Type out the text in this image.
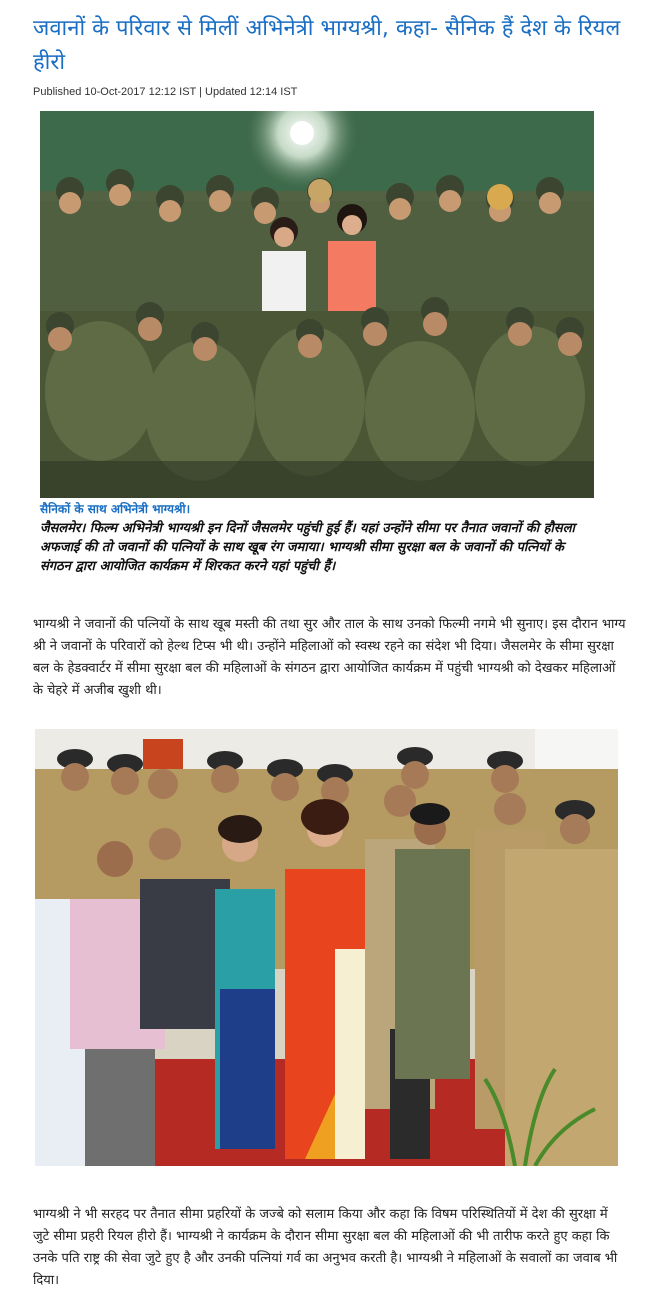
जवानों के परिवार से मिलीं अभिनेत्री भाग्यश्री, कहा- सैनिक हैं देश के रियल हीरो
Published 10-Oct-2017 12:12 IST | Updated 12:14 IST
सैनिकों के साथ अभिनेत्री भाग्यश्री।

जैसलमेर। फिल्म अभिनेत्री भाग्यश्री इन दिनों जैसलमेर पहुंची हुई हैं। यहां उन्होंने सीमा पर तैनात जवानों की हौसला अफजाई की तो जवानों की पत्नियों के साथ खूब रंग जमाया। भाग्यश्री सीमा सुरक्षा बल के जवानों की पत्नियों के संगठन द्वारा आयोजित कार्यक्रम में शिरकत करने यहां पहुंची हैं।

भाग्यश्री ने जवानों की पत्नियों के साथ खूब मस्ती की तथा सुर और ताल के साथ उनको फिल्मी नगमे भी सुनाए। इस दौरान भाग्य श्री ने जवानों के परिवारों को हेल्थ टिप्स भी थी। उन्होंने महिलाओं को स्वस्थ रहने का संदेश भी दिया। जैसलमेर के सीमा सुरक्षा बल के हेडक्वार्टर में सीमा सुरक्षा बल की महिलाओं के संगठन द्वारा आयोजित कार्यक्रम में पहुंची भाग्यश्री को देखकर महिलाओं के चेहरे में अजीब खुशी थी।

भाग्यश्री ने भी सरहद पर तैनात सीमा प्रहरियों के जज्बे को सलाम किया और कहा कि विषम परिस्थितियों में देश की सुरक्षा में जुटे सीमा प्रहरी रियल हीरो हैं। भाग्यश्री ने कार्यक्रम के दौरान सीमा सुरक्षा बल की महिलाओं की भी तारीफ करते हुए कहा कि उनके पति राष्ट्र की सेवा जुटे हुए है और उनकी पत्नियां गर्व का अनुभव करती है। भाग्यश्री ने महिलाओं के सवालों का जवाब भी दिया।
